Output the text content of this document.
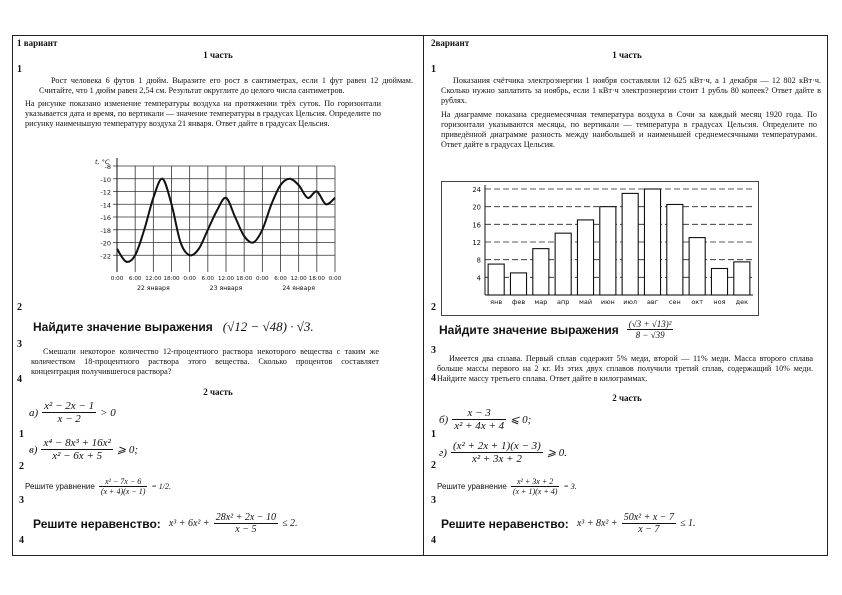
1 вариант
1 часть
1
Рост человека 6 футов 1 дюйм. Выразите его рост в сантиметрах, если 1 фут равен 12 дюймам. Считайте, что 1 дюйм равен 2,54 см. Результат округлите до целого числа сантиметров.
На рисунке показано изменение температуры воздуха на протяжении трёх суток. По горизонтали указывается дата и время, по вертикали — значение температуры в градусах Цельсия. Определите по рисунку наименьшую температуру воздуха 21 января. Ответ дайте в градусах Цельсия.
-8
-10
-12
-14
-16
-18
-20
-22
0:00 6:00 12:00 18:00 0:00 6:00 12:00 18:00 0:00 6:00 12:00 18:00 0:00
t, °C
22 января	23 января	24 января
2
Найдите значение выражения (√12 − √48) · √3.
3
Смешали некоторое количество 12-процентного раствора некоторого вещества с таким же количеством 18-процентного раствора этого вещества. Сколько процентов составляет концентрация получившегося раствора?
4
2 часть
$а) \frac{\text{x² − 2x − 1}}{x - 2} > 0$
1
$в) \frac{\text{x⁴ − 8x³ + 16x²}}{\text{x² − 6x + 5}}$ ⩾ 0;
2
Решите уравнение $\frac{\text{x² − 7x − 6}}{(x + 4)(x - 1)} = 1/2$.
3
Решите неравенство: $x^3 + 6x^2 + \frac{\text{28x² + 2x − 10}}{x - 5} \le 2$.
4
2вариант
1 часть
1
Показания счётчика электроэнергии 1 ноября составляли 12 625 кВт·ч, а 1 декабря — 12 802 кВт·ч. Сколько нужно заплатить за ноябрь, если 1 кВт·ч электроэнергии стоит 1 рубль 80 копеек? Ответ дайте в рублях.
На диаграмме показана среднемесячная температура воздуха в Сочи за каждый месяц 1920 года. По горизонтали указываются месяцы, по вертикали — температура в градусах Цельсия. Определите по приведённой диаграмме разность между наибольшей и наименьшей среднемесячными температурами. Ответ дайте в градусах Цельсия.
4
8
12
16
20
24
янв фев мар апр май июн июл авг сен окт ноя дек
2
Найдите значение выражения $\frac{\text{(√3 + √13)²}}{8 - √39}$
3
Имеется два сплава. Первый сплав содержит 5% меди, второй — 11% меди. Масса второго сплава больше массы первого на 2 кг. Из этих двух сплавов получили третий сплав, содержащий 10% меди. Найдите массу третьего сплава. Ответ дайте в килограммах.
4
2 часть
$б) \frac{x - 3}{\text{x² + 4x + 4}}$ ⩽ 0;
1
$г) \frac{\text{(x² + 2x + 1)(x − 3)}}{\text{x² + 3x + 2}}$ ⩾ 0.
2
Решите уравнение $\frac{\text{x² + 3x + 2}}{(x + 1)(x + 4)} = 3$.
3
Решите неравенство: $x^3 + 8x^2 + \frac{\text{50x² + x − 7}}{x - 7} \le 1$.
4
